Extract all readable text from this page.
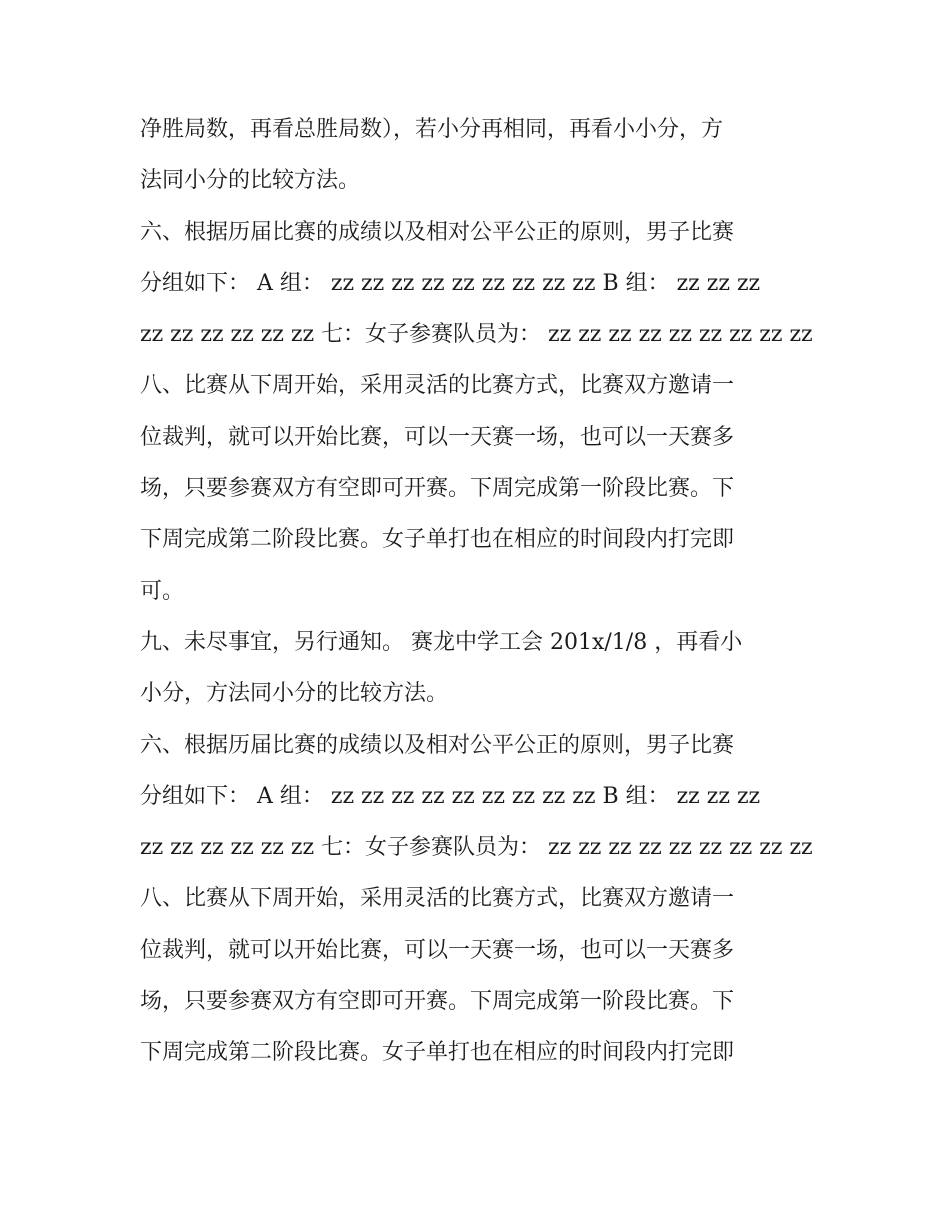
净胜局数，再看总胜局数），若小分再相同，再看小小分，方
法同小分的比较方法。
六、根据历届比赛的成绩以及相对公平公正的原则，男子比赛
分组如下： A 组： zz zz zz zz zz zz zz zz zz B 组： zz zz zz
zz zz zz zz zz zz 七：女子参赛队员为： zz zz zz zz zz zz zz zz zz
八、比赛从下周开始，采用灵活的比赛方式，比赛双方邀请一
位裁判，就可以开始比赛，可以一天赛一场，也可以一天赛多
场，只要参赛双方有空即可开赛。下周完成第一阶段比赛。下
下周完成第二阶段比赛。女子单打也在相应的时间段内打完即
可。
九、未尽事宜，另行通知。 赛龙中学工会 201x/1/8 ，再看小
小分，方法同小分的比较方法。
六、根据历届比赛的成绩以及相对公平公正的原则，男子比赛
分组如下： A 组： zz zz zz zz zz zz zz zz zz B 组： zz zz zz
zz zz zz zz zz zz 七：女子参赛队员为： zz zz zz zz zz zz zz zz zz
八、比赛从下周开始，采用灵活的比赛方式，比赛双方邀请一
位裁判，就可以开始比赛，可以一天赛一场，也可以一天赛多
场，只要参赛双方有空即可开赛。下周完成第一阶段比赛。下
下周完成第二阶段比赛。女子单打也在相应的时间段内打完即
